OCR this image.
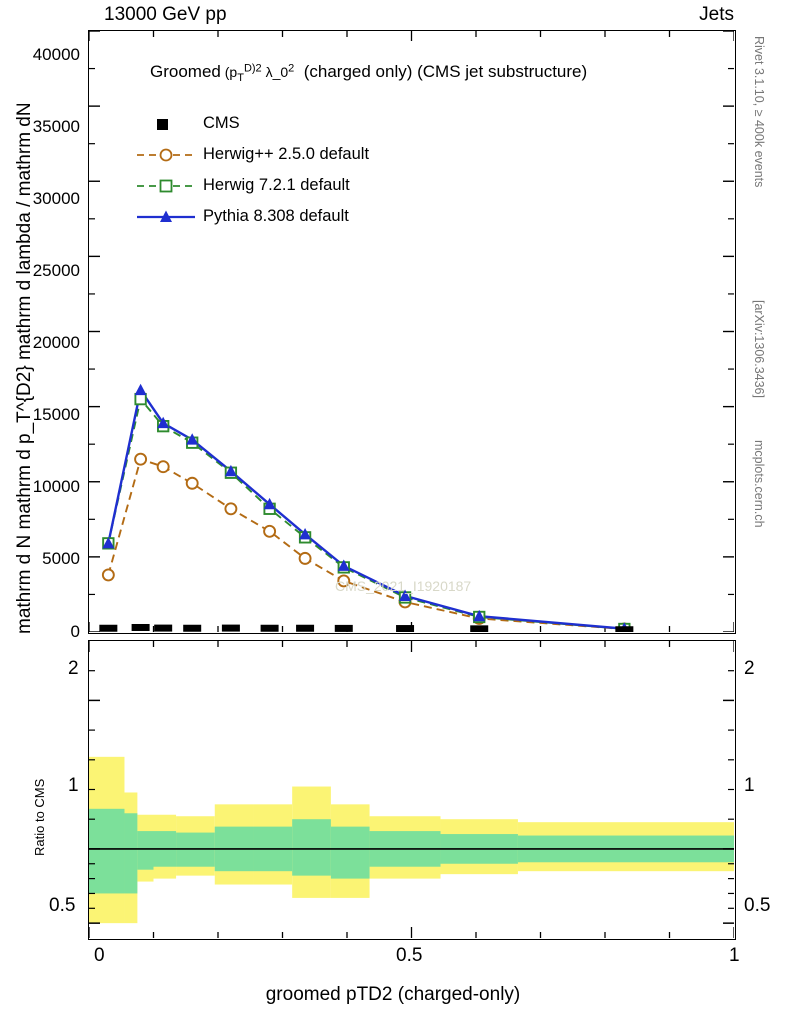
13000 GeV pp	Jets
Rivet 3.1.10, ≥ 400k events
[arXiv:1306.3436]
mcplots.cern.ch
mathrm d N mathrm d p_T^{D2} mathrm d lambda / mathrm dN	0
5000
10000
15000
20000
25000
30000
35000
40000
Groomed ($p_T^{D)2}$ $\lambda\_0^2$ (charged only) (CMS jet substructure)
CMS
Herwig++ 2.5.0 default
Herwig 7.2.1 default
Pythia 8.308 default
CMS_2021_I1920187
Ratio to CMS
0.5
1
2
0.5
1
2
0	0.5	1
groomed pTD2 (charged-only)
